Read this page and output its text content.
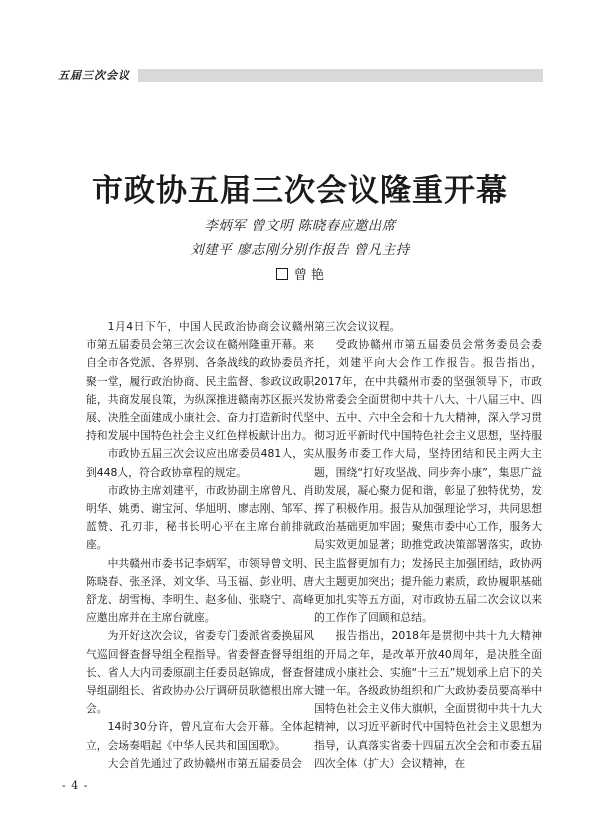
五届三次会议
市政协五届三次会议隆重开幕
李炳军 曾文明 陈晓春应邀出席
刘建平 廖志刚分别作报告 曾凡主持
曾 艳

1月4日下午，中国人民政治协商会议赣州市第五届委员会第三次会议在赣州隆重开幕。来自全市各党派、各界别、各条战线的政协委员齐聚一堂，履行政治协商、民主监督、参政议政职能，共商发展良策，为纵深推进赣南苏区振兴发展、决胜全面建成小康社会、奋力打造新时代坚持和发展中国特色社会主义红色样板献计出力。

市政协五届三次会议应出席委员481人，实到448人，符合政协章程的规定。

市政协主席刘建平，市政协副主席曾凡、肖明华、姚勇、谢宝河、华旭明、廖志刚、邹军、蓝赞、孔刃非，秘书长明心平在主席台前排就座。

中共赣州市委书记李炳军，市领导曾文明、陈晓春、张圣泽、刘文华、马玉福、彭业明、唐舒龙、胡雪梅、李明生、赵多仙、张晓宁、高峰应邀出席并在主席台就座。

为开好这次会议，省委专门委派省委换届风气巡回督查督导组全程指导。省委督查督导组组长、省人大内司委原副主任委员赵锦成，督查督导组副组长、省政协办公厅调研员耿德根出席大会。

14时30分许，曾凡宣布大会开幕。全体起立，会场奏唱起《中华人民共和国国歌》。

大会首先通过了政协赣州市第五届委员会

第三次会议议程。

受政协赣州市第五届委员会常务委员会委托，刘建平向大会作工作报告。报告指出，2017年，在中共赣州市委的坚强领导下，市政协常委会全面贯彻中共十八大、十八届三中、四中、五中、六中全会和十九大精神，深入学习贯彻习近平新时代中国特色社会主义思想，坚持服从服务市委工作大局，坚持团结和民主两大主题，围绕“打好攻坚战、同步奔小康”，集思广益助发展，凝心聚力促和谐，彰显了独特优势，发挥了积极作用。报告从加强理论学习，共同思想政治基础更加牢固；聚焦市委中心工作，服务大局实效更加显著；助推党政决策部署落实，政协民主监督更加有力；发扬民主加强团结，政协两大主题更加突出；提升能力素质，政协履职基础更加扎实等五方面，对市政协五届二次会议以来的工作作了回顾和总结。

报告指出，2018年是贯彻中共十九大精神的开局之年，是改革开放40周年，是决胜全面建成小康社会、实施“十三五”规划承上启下的关键一年。各级政协组织和广大政协委员要高举中国特色社会主义伟大旗帜，全面贯彻中共十九大精神，以习近平新时代中国特色社会主义思想为指导，认真落实省委十四届五次全会和市委五届四次全体（扩大）会议精神，在

- 4 -
